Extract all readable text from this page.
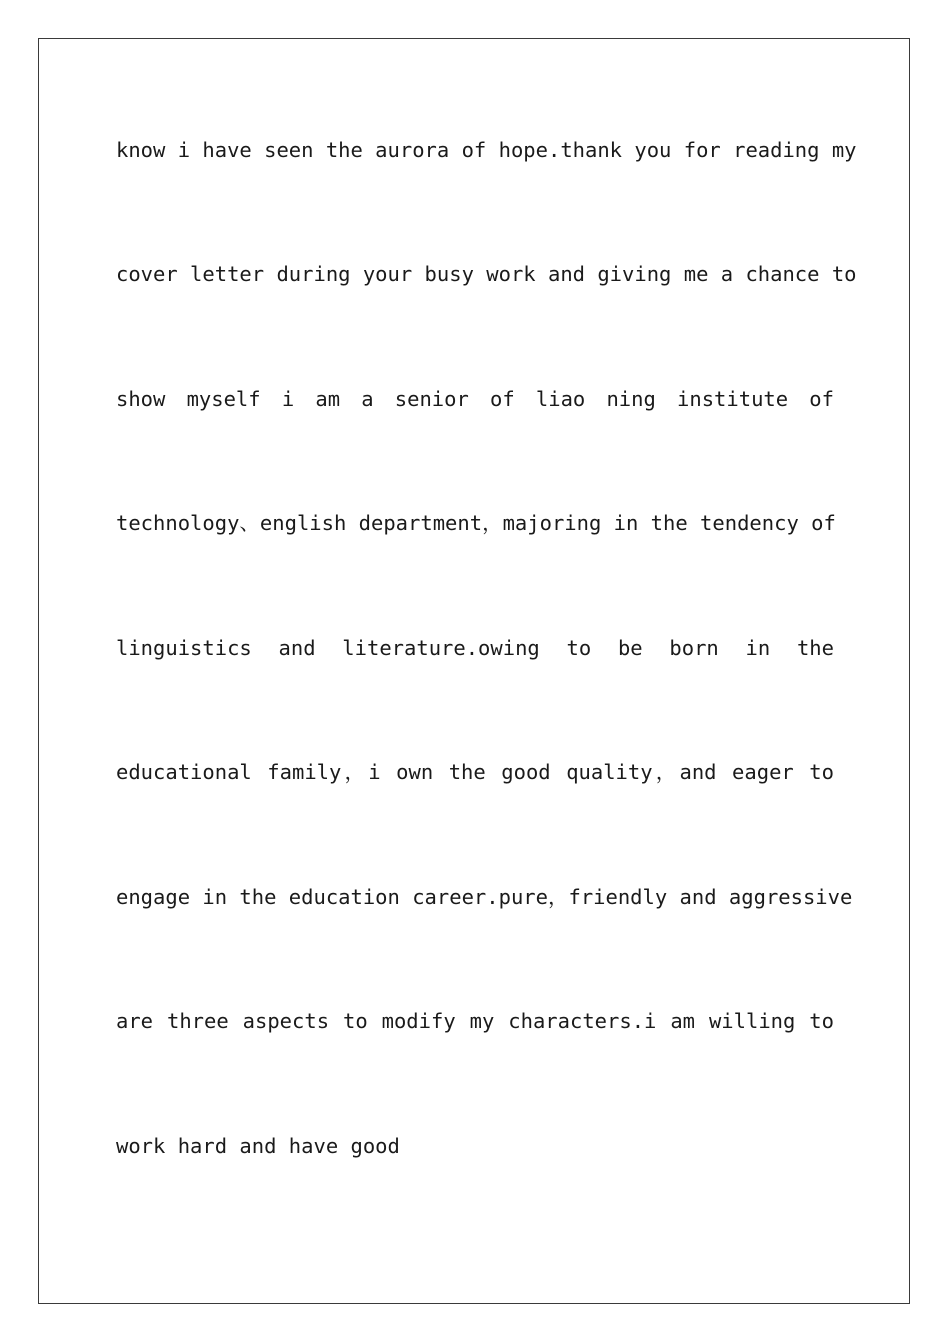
know i have seen the aurora of hope.thank you for reading my
cover letter during your busy work and giving me a chance to
show myself i am a senior of liao ning institute of
technology、english department，majoring in the tendency of
linguistics and literature.owing to be born in the
educational family，i own the good quality，and eager to
engage in the education career.pure，friendly and aggressive
are three aspects to modify my characters.i am willing to
work hard and have good
